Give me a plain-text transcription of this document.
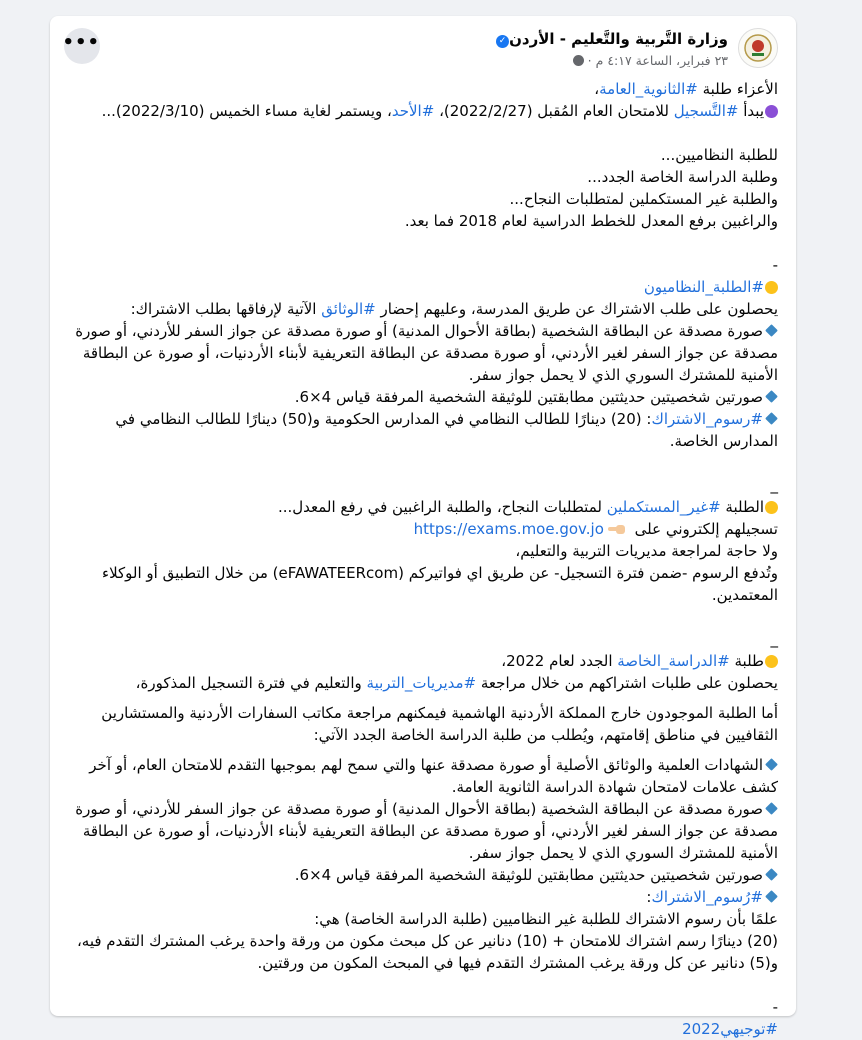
وزارة التَّربية والتَّعليم - الأردن✓
٢٣ فبراير، الساعة ٤:١٧ م ·
•••
الأعزاء طلبة #الثانوية_العامة،
يبدأ #التَّسجيل للامتحان العام المُقبل (2022/2/27)، #الأحد، ويستمر لغاية مساء الخميس (2022/3/10)...
للطلبة النظاميين...
وطلبة الدراسة الخاصة الجدد...
والطلبة غير المستكملين لمتطلبات النجاح...
والراغبين برفع المعدل للخطط الدراسية لعام 2018 فما بعد.
-
#الطلبة_النظاميون
يحصلون على طلب الاشتراك عن طريق المدرسة، وعليهم إحضار #الوثائق الآتية لإرفاقها بطلب الاشتراك:
صورة مصدقة عن البطاقة الشخصية (بطاقة الأحوال المدنية) أو صورة مصدقة عن جواز السفر للأردني، أو صورة مصدقة عن جواز السفر لغير الأردني، أو صورة مصدقة عن البطاقة التعريفية لأبناء الأردنيات، أو صورة عن البطاقة الأمنية للمشترك السوري الذي لا يحمل جواز سفر.
صورتين شخصيتين حديثتين مطابقتين للوثيقة الشخصية المرفقة قياس 4×6.
#رسوم_الاشتراك: (20) دينارًا للطالب النظامي في المدارس الحكومية و(50) دينارًا للطالب النظامي في المدارس الخاصة.
_
الطلبة #غير_المستكملين لمتطلبات النجاح، والطلبة الراغبين في رفع المعدل...
تسجيلهم إلكتروني على https://exams.moe.gov.jo
ولا حاجة لمراجعة مديريات التربية والتعليم،
وتُدفع الرسوم -ضمن فترة التسجيل- عن طريق اي فواتيركم (eFAWATEERcom) من خلال التطبيق أو الوكلاء المعتمدين.
_
طلبة #الدراسة_الخاصة الجدد لعام 2022،
يحصلون على طلبات اشتراكهم من خلال مراجعة #مديريات_التربية والتعليم في فترة التسجيل المذكورة،
أما الطلبة الموجودون خارج المملكة الأردنية الهاشمية فيمكنهم مراجعة مكاتب السفارات الأردنية والمستشارين الثقافيين في مناطق إقامتهم، ويُطلب من طلبة الدراسة الخاصة الجدد الآتي:
الشهادات العلمية والوثائق الأصلية أو صورة مصدقة عنها والتي سمح لهم بموجبها التقدم للامتحان العام، أو آخر كشف علامات لامتحان شهادة الدراسة الثانوية العامة.
صورة مصدقة عن البطاقة الشخصية (بطاقة الأحوال المدنية) أو صورة مصدقة عن جواز السفر للأردني، أو صورة مصدقة عن جواز السفر لغير الأردني، أو صورة مصدقة عن البطاقة التعريفية لأبناء الأردنيات، أو صورة عن البطاقة الأمنية للمشترك السوري الذي لا يحمل جواز سفر.
صورتين شخصيتين حديثتين مطابقتين للوثيقة الشخصية المرفقة قياس 4×6.
#رُسوم_الاشتراك:
علمًا بأن رسوم الاشتراك للطلبة غير النظاميين (طلبة الدراسة الخاصة) هي:
(20) دينارًا رسم اشتراك للامتحان + (10) دنانير عن كل مبحث مكون من ورقة واحدة يرغب المشترك التقدم فيه، و(5) دنانير عن كل ورقة يرغب المشترك التقدم فيها في المبحث المكون من ورقتين.
-
#توجيهي2022
